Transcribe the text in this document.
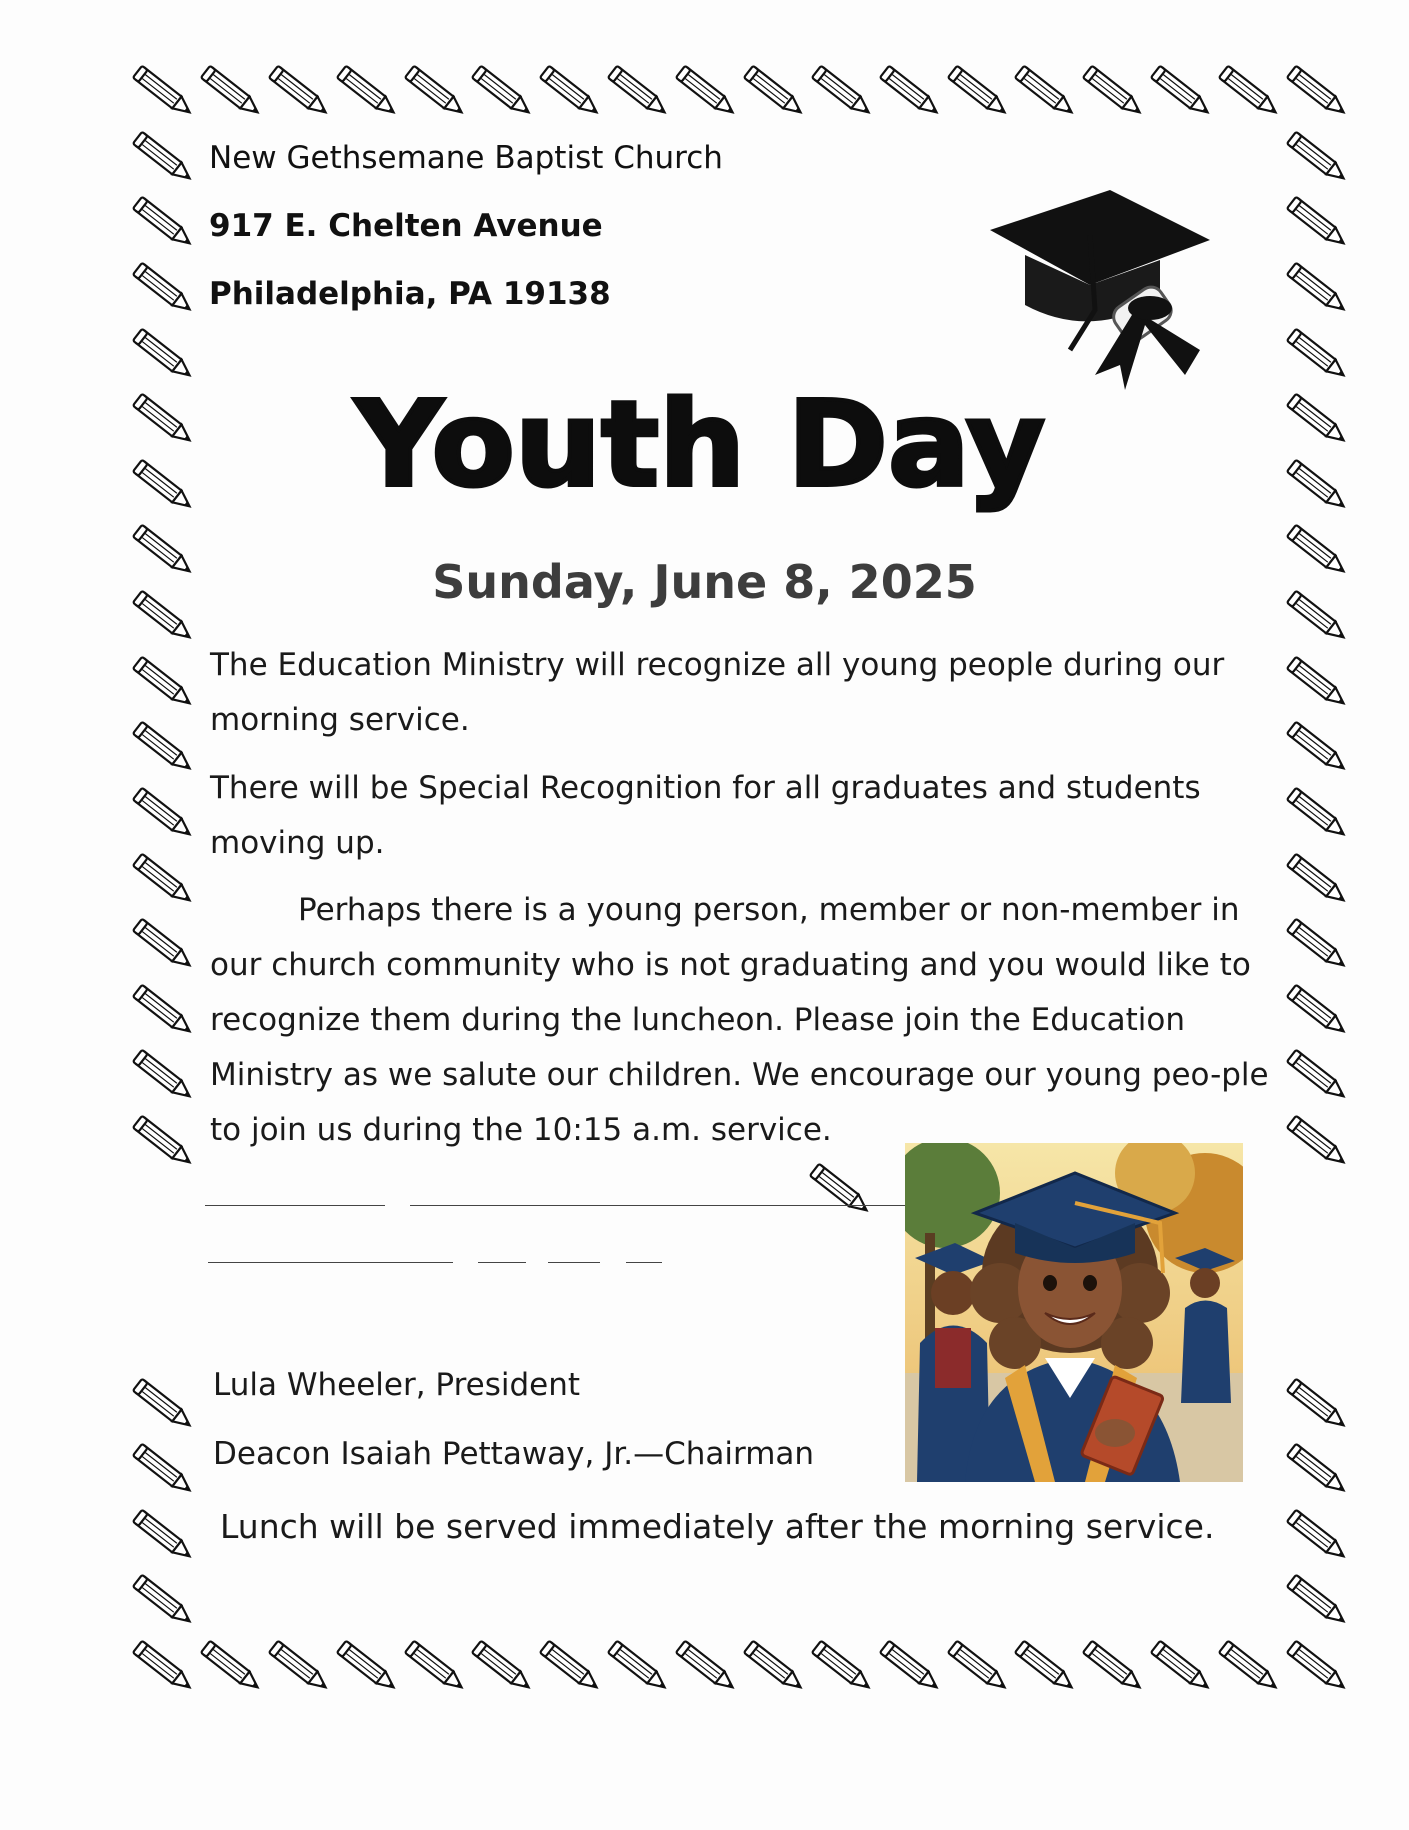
New Gethsemane Baptist Church

917 E. Chelten Avenue

Philadelphia, PA 19138

Youth Day
Sunday, June 8, 2025

The Education Ministry will recognize all young people during our morning service.

There will be Special Recognition for all graduates and students moving up.

Perhaps there is a young person, member or non-member in our church community who is not graduating and you would like to recognize them during the luncheon. Please join the Education Ministry as we salute our children. We encourage our young peo-ple to join us during the 10:15 a.m. service.

Lula Wheeler, President

Deacon Isaiah Pettaway, Jr.—Chairman

Lunch will be served immediately after the morning service.
